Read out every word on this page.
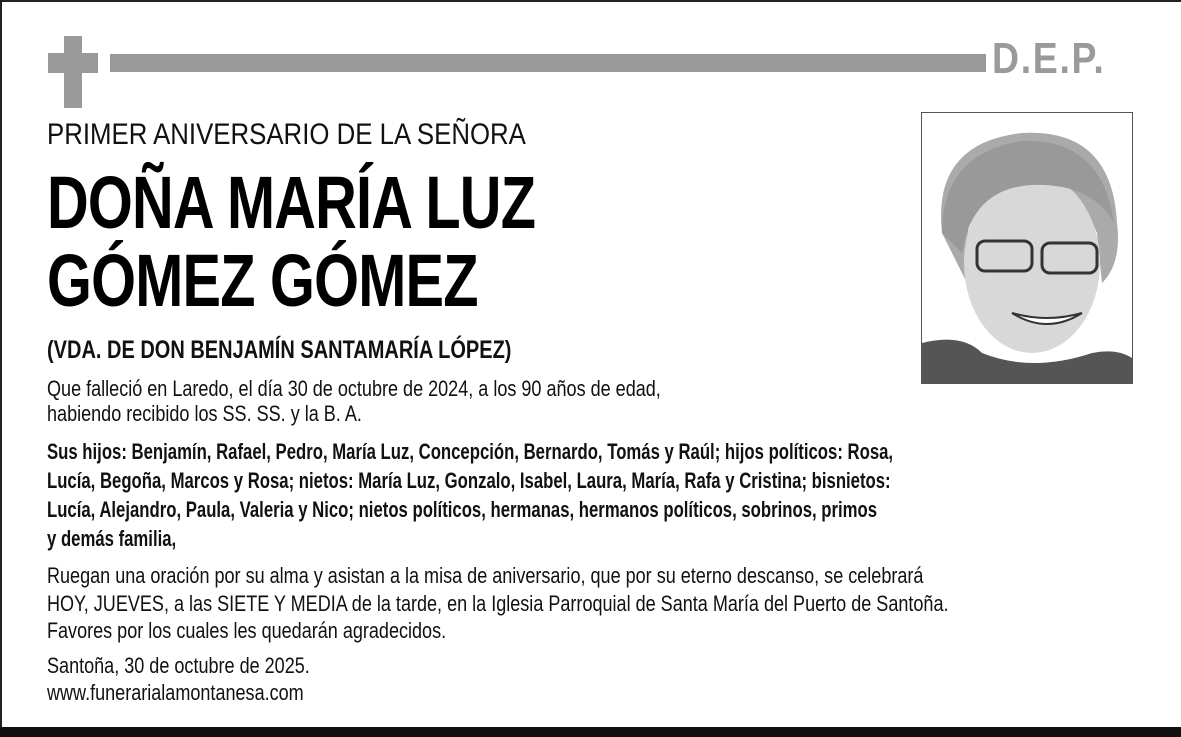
D.E.P.
PRIMER ANIVERSARIO DE LA SEÑORA
DOÑA MARÍA LUZ
GÓMEZ GÓMEZ
(VDA. DE DON BENJAMÍN SANTAMARÍA LÓPEZ)
Que falleció en Laredo, el día 30 de octubre de 2024, a los 90 años de edad,
habiendo recibido los SS. SS. y la B. A.
Sus hijos: Benjamín, Rafael, Pedro, María Luz, Concepción, Bernardo, Tomás y Raúl; hijos políticos: Rosa,
Lucía, Begoña, Marcos y Rosa; nietos: María Luz, Gonzalo, Isabel, Laura, María, Rafa y Cristina; bisnietos:
Lucía, Alejandro, Paula, Valeria y Nico; nietos políticos, hermanas, hermanos políticos, sobrinos, primos
y demás familia,
Ruegan una oración por su alma y asistan a la misa de aniversario, que por su eterno descanso, se celebrará
HOY, JUEVES, a las SIETE Y MEDIA de la tarde, en la Iglesia Parroquial de Santa María del Puerto de Santoña.
Favores por los cuales les quedarán agradecidos.
Santoña, 30 de octubre de 2025.
www.funerarialamontanesa.com
